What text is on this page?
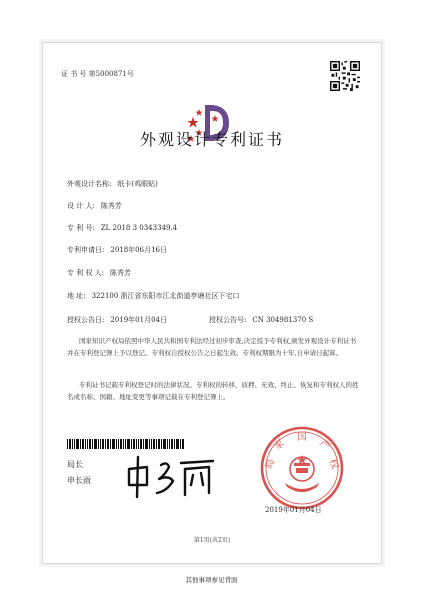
证 书 号 第5000871号
外观设计专利证书
外观设计名称: 纸卡(鸡眼贴)
设 计 人: 陈秀芳
专 利 号: ZL 2018 3 0343349.4
专利申请日: 2018年06月16日
专 利 权 人: 陈秀芳
地 址: 322100 浙江省东阳市江北街道亭塘社区下宅口
授权公告日: 2019年01月04日	授权公告号: CN 304981370 S
国家知识产权局依照中华人民共和国专利法经过初步审查,决定授予专利权,颁发外观设计专利证书并在专利登记簿上予以登记。专利权自授权公告之日起生效。专利权期限为十年,自申请日起算。
专利证书记载专利权登记时的法律状况。专利权的转移、质押、无效、终止、恢复和专利权人的姓名或名称、国籍、地址变更等事项记载在专利登记簿上。
局长
申长雨
国
家
局
产
权
2019年01月04日
第1页(共2页)
其他事项参见背面
